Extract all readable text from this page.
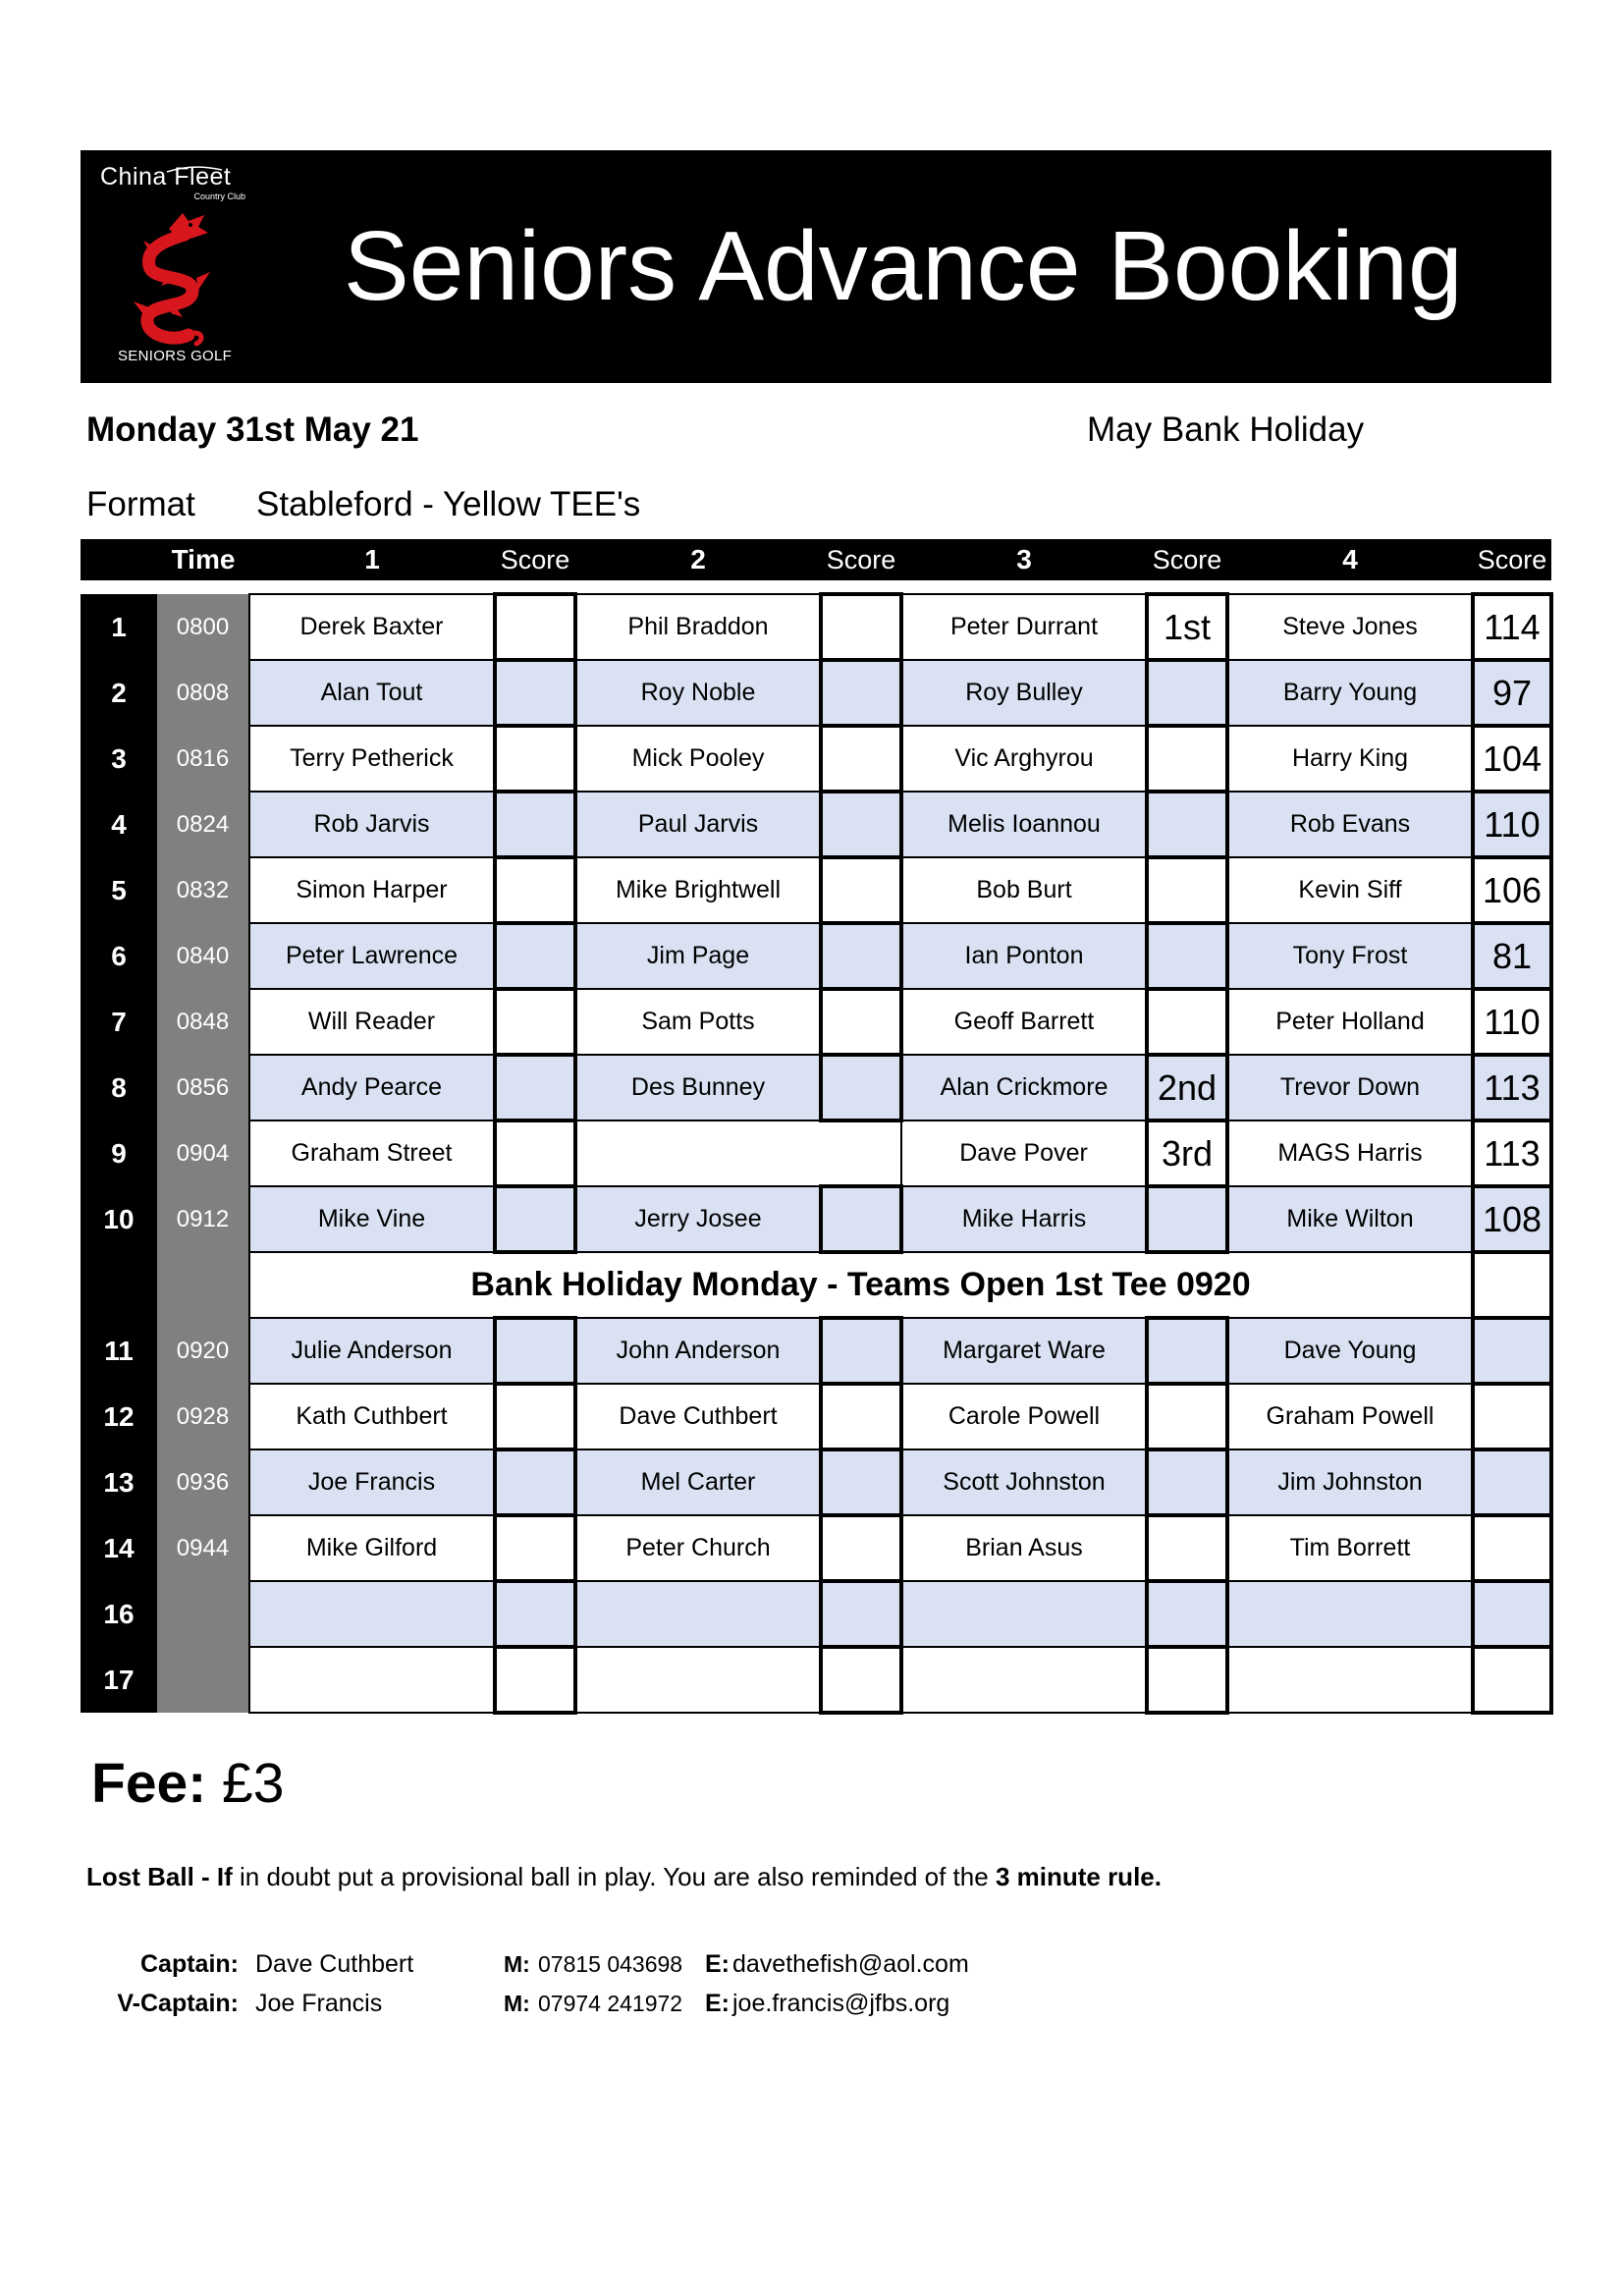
China Fleet
Country Club
SENIORS GOLF
Seniors Advance Booking
Monday 31st May 21	May Bank Holiday
Format Stableford - Yellow TEE's
Time	1	Score	2	Score	3	Score	4	Score
1	0800	Derek Baxter		Phil Braddon		Peter Durrant	1st	Steve Jones	114
2	0808	Alan Tout		Roy Noble		Roy Bulley		Barry Young	97
3	0816	Terry Petherick		Mick Pooley		Vic Arghyrou		Harry King	104
4	0824	Rob Jarvis		Paul Jarvis		Melis Ioannou		Rob Evans	110
5	0832	Simon Harper		Mike Brightwell		Bob Burt		Kevin Siff	106
6	0840	Peter Lawrence		Jim Page		Ian Ponton		Tony Frost	81
7	0848	Will Reader		Sam Potts		Geoff Barrett		Peter Holland	110
8	0856	Andy Pearce		Des Bunney		Alan Crickmore	2nd	Trevor Down	113
9	0904	Graham Street				Dave Pover	3rd	MAGS Harris	113
10	0912	Mike Vine		Jerry Josee		Mike Harris		Mike Wilton	108
		Bank Holiday Monday - Teams Open 1st Tee 0920							
11	0920	Julie Anderson		John Anderson		Margaret Ware		Dave Young	
12	0928	Kath Cuthbert		Dave Cuthbert		Carole Powell		Graham Powell	
13	0936	Joe Francis		Mel Carter		Scott Johnston		Jim Johnston	
14	0944	Mike Gilford		Peter Church		Brian Asus		Tim Borrett	
16									
17									
Fee: £3
Lost Ball - If in doubt put a provisional ball in play. You are also reminded of the 3 minute rule.
Captain: Dave Cuthbert	M: 07815 043698 E: davethefish@aol.com
V-Captain: Joe Francis	M: 07974 241972 E: joe.francis@jfbs.org
